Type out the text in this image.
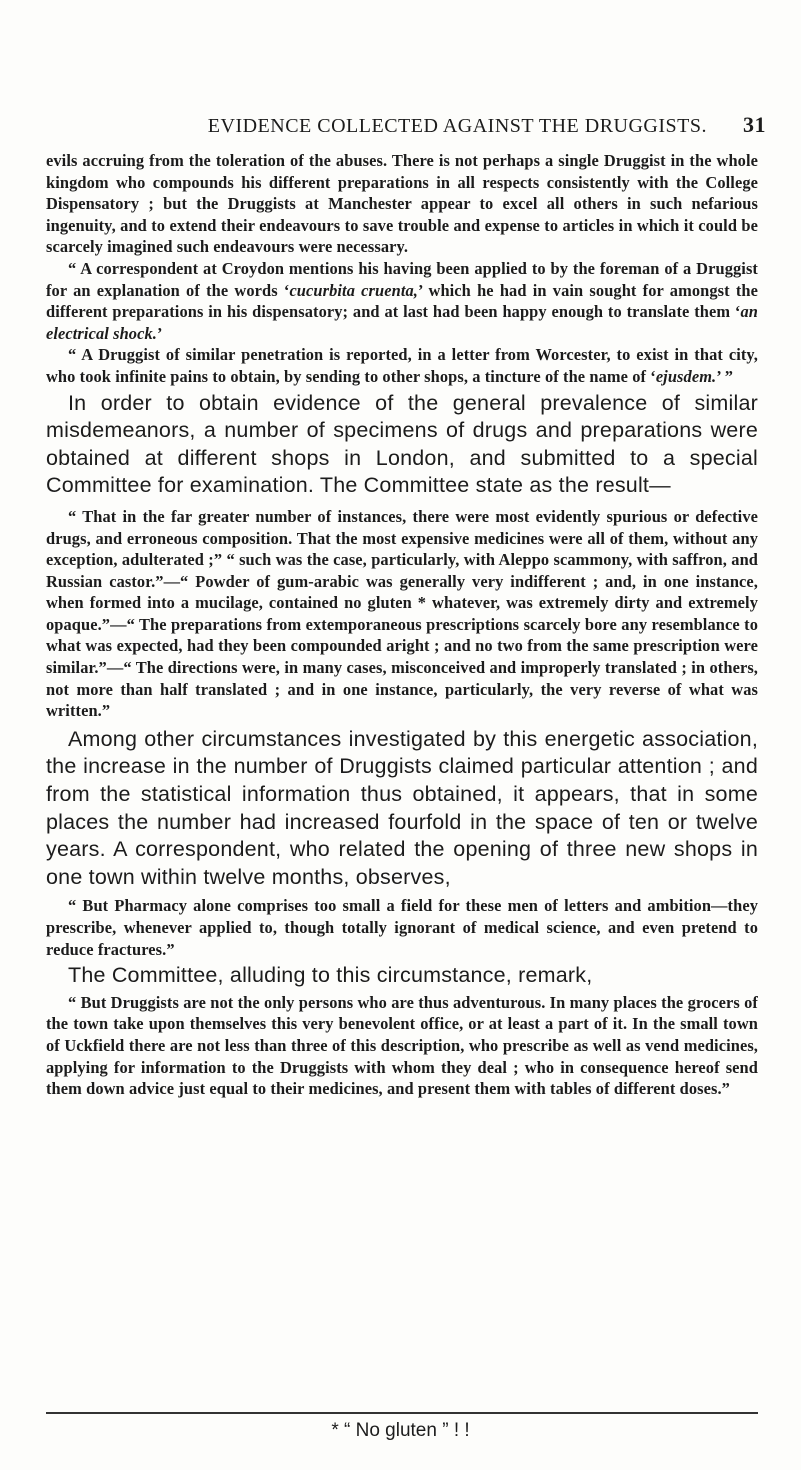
EVIDENCE COLLECTED AGAINST THE DRUGGISTS. 31

evils accruing from the toleration of the abuses. There is not perhaps a single Druggist in the whole kingdom who compounds his different preparations in all respects consistently with the College Dispensatory ; but the Druggists at Manchester appear to excel all others in such nefarious ingenuity, and to extend their endeavours to save trouble and expense to articles in which it could be scarcely imagined such endeavours were necessary.

“ A correspondent at Croydon mentions his having been applied to by the foreman of a Druggist for an explanation of the words ‘cucurbita cruenta,’ which he had in vain sought for amongst the different preparations in his dispensatory; and at last had been happy enough to translate them ‘an electrical shock.’

“ A Druggist of similar penetration is reported, in a letter from Worcester, to exist in that city, who took infinite pains to obtain, by sending to other shops, a tincture of the name of ‘ejusdem.’ ”

In order to obtain evidence of the general prevalence of similar misdemeanors, a number of specimens of drugs and preparations were obtained at different shops in London, and submitted to a special Committee for examination. The Committee state as the result—

“ That in the far greater number of instances, there were most evidently spurious or defective drugs, and erroneous composition. That the most expensive medicines were all of them, without any exception, adulterated ;” “ such was the case, particularly, with Aleppo scammony, with saffron, and Russian castor.”—“ Powder of gum-arabic was generally very indifferent ; and, in one instance, when formed into a mucilage, contained no gluten * whatever, was extremely dirty and extremely opaque.”—“ The preparations from extemporaneous prescriptions scarcely bore any resemblance to what was expected, had they been compounded aright ; and no two from the same prescription were similar.”—“ The directions were, in many cases, misconceived and improperly translated ; in others, not more than half translated ; and in one instance, particularly, the very reverse of what was written.”

Among other circumstances investigated by this energetic association, the increase in the number of Druggists claimed particular attention ; and from the statistical information thus obtained, it appears, that in some places the number had increased fourfold in the space of ten or twelve years. A correspondent, who related the opening of three new shops in one town within twelve months, observes,

“ But Pharmacy alone comprises too small a field for these men of letters and ambition—they prescribe, whenever applied to, though totally ignorant of medical science, and even pretend to reduce fractures.”

The Committee, alluding to this circumstance, remark,

“ But Druggists are not the only persons who are thus adventurous. In many places the grocers of the town take upon themselves this very benevolent office, or at least a part of it. In the small town of Uckfield there are not less than three of this description, who prescribe as well as vend medicines, applying for information to the Druggists with whom they deal ; who in consequence hereof send them down advice just equal to their medicines, and present them with tables of different doses.”

* “ No gluten ” ! !
